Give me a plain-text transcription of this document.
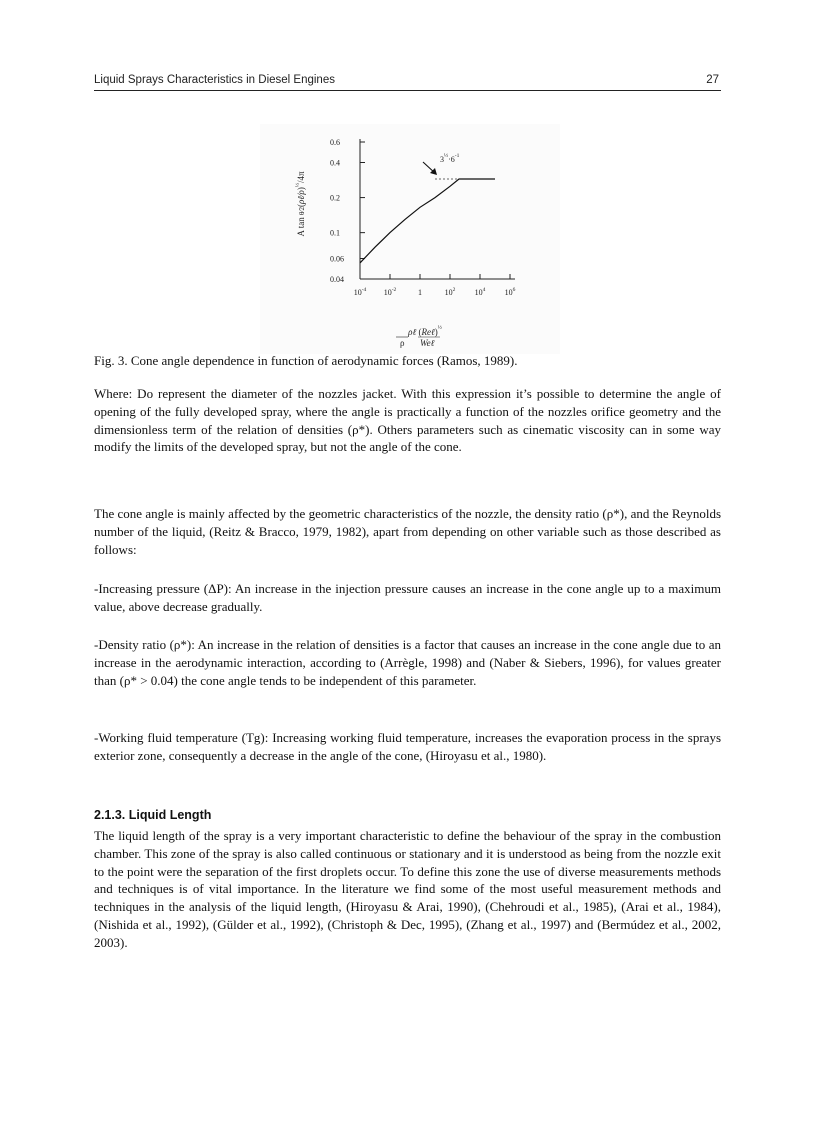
Liquid Sprays Characteristics in Diesel Engines	27
0.04
0.06
0.1
0.2
0.4
0.6
$10^{-4}$ $10^{-2}$	1	$10^2$ $10^4$ $10^6$
$3^{\frac{1}{2}}\cdot 6^{-1}$
A tan θ⁄2(ρℓ⁄ρ)$^{\frac{1}{2}}$/4π
ρℓ (Reℓ)$^{\frac{1}{2}}$
ρ Weℓ
Fig. 3. Cone angle dependence in function of aerodynamic forces (Ramos, 1989).

Where: Do represent the diameter of the nozzles jacket. With this expression it’s possible to determine the angle of opening of the fully developed spray, where the angle is practically a function of the nozzles orifice geometry and the dimensionless term of the relation of densities (ρ*). Others parameters such as cinematic viscosity can in some way modify the limits of the developed spray, but not the angle of the cone.

The cone angle is mainly affected by the geometric characteristics of the nozzle, the density ratio (ρ*), and the Reynolds number of the liquid, (Reitz & Bracco, 1979, 1982), apart from depending on other variable such as those described as follows:

-Increasing pressure (ΔP): An increase in the injection pressure causes an increase in the cone angle up to a maximum value, above decrease gradually.

-Density ratio (ρ*): An increase in the relation of densities is a factor that causes an increase in the cone angle due to an increase in the aerodynamic interaction, according to (Arrègle, 1998) and (Naber & Siebers, 1996), for values greater than (ρ* > 0.04) the cone angle tends to be independent of this parameter.

-Working fluid temperature (Tg): Increasing working fluid temperature, increases the evaporation process in the sprays exterior zone, consequently a decrease in the angle of the cone, (Hiroyasu et al., 1980).

2.1.3. Liquid Length

The liquid length of the spray is a very important characteristic to define the behaviour of the spray in the combustion chamber. This zone of the spray is also called continuous or stationary and it is understood as being from the nozzle exit to the point were the separation of the first droplets occur. To define this zone the use of diverse measurements methods and techniques is of vital importance. In the literature we find some of the most useful measurement methods and techniques in the analysis of the liquid length, (Hiroyasu & Arai, 1990), (Chehroudi et al., 1985), (Arai et al., 1984), (Nishida et al., 1992), (Gülder et al., 1992), (Christoph & Dec, 1995), (Zhang et al., 1997) and (Bermúdez et al., 2002, 2003).
